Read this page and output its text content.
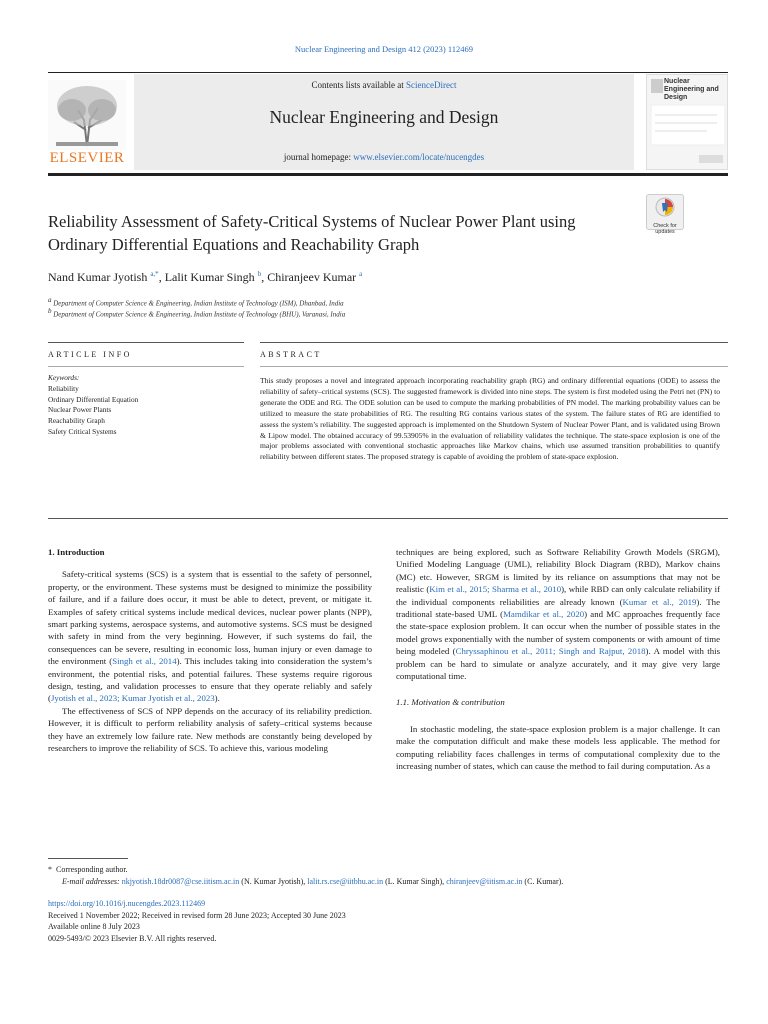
Nuclear Engineering and Design 412 (2023) 112469
ELSEVIER
Contents lists available at ScienceDirect
Nuclear Engineering and Design
journal homepage: www.elsevier.com/locate/nucengdes
Nuclear Engineering and Design
Reliability Assessment of Safety-Critical Systems of Nuclear Power Plant using Ordinary Differential Equations and Reachability Graph
Check for updates
Nand Kumar Jyotish $^{a,*}$, Lalit Kumar Singh $^b$, Chiranjeev Kumar $^a$
$^a$ Department of Computer Science & Engineering, Indian Institute of Technology (ISM), Dhanbad, India
$^b$ Department of Computer Science & Engineering, Indian Institute of Technology (BHU), Varanasi, India
ARTICLE INFO	ABSTRACT
Keywords:
Reliability
Ordinary Differential Equation
Nuclear Power Plants
Reachability Graph
Safety Critical Systems
This study proposes a novel and integrated approach incorporating reachability graph (RG) and ordinary differential equations (ODE) to assess the reliability of safety–critical systems (SCS). The suggested framework is divided into nine steps. The system is first modeled using the Petri net (PN) to generate the ODE and RG. The ODE solution can be used to compute the marking probabilities of PN model. The marking probability values can be utilized to measure the state probabilities of RG. The resulting RG contains various states of the system. The failure states of RG are identified to assess the system’s reliability. The suggested approach is implemented on the Shutdown System of Nuclear Power Plant, and is validated using Brown & Lipow model. The obtained accuracy of 99.53905% in the evaluation of reliability validates the technique. The state-space explosion is one of the major problems associated with conventional stochastic approaches like Markov chains, which use assumed transition probabilities to quantify reliability between different states. The proposed strategy is capable of avoiding the problem of state-space explosion.
1. Introduction

Safety-critical systems (SCS) is a system that is essential to the safety of personnel, property, or the environment. These systems must be designed to minimize the possibility of failure, and if a failure does occur, it must be able to detect, prevent, or mitigate it. Examples of safety critical systems include medical devices, nuclear power plants (NPP), smart parking systems, aerospace systems, and automotive systems. SCS must be designed with safety in mind from the very beginning. However, if such systems do fail, the consequences can be severe, resulting in economic loss, human injury or even damage to the environment (Singh et al., 2014). This includes taking into consideration the system’s environment, the potential risks, and potential failures. These systems require rigorous design, testing, and validation processes to ensure that they operate reliably and safely (Jyotish et al., 2023; Kumar Jyotish et al., 2023).

The effectiveness of SCS of NPP depends on the accuracy of its reliability prediction. However, it is difficult to perform reliability analysis of safety–critical systems because they have an extremely low failure rate. New methods are constantly being developed by researchers to improve the reliability of SCS. To achieve this, various modeling

techniques are being explored, such as Software Reliability Growth Models (SRGM), Unified Modeling Language (UML), reliability Block Diagram (RBD), Markov chains (MC) etc. However, SRGM is limited by its reliance on assumptions that may not be realistic (Kim et al., 2015; Sharma et al., 2010), while RBD can only calculate reliability if the individual components reliabilities are already known (Kumar et al., 2019). The traditional state-based UML (Mamdikar et al., 2020) and MC approaches frequently face the state-space explosion problem. It can occur when the number of possible states in the model grows exponentially with the number of system components or with amount of time being modeled (Chryssaphinou et al., 2011; Singh and Rajput, 2018). A model with this problem can be hard to simulate or analyze accurately, and it may give very large computational time.

1.1. Motivation & contribution

In stochastic modeling, the state-space explosion problem is a major challenge. It can make the computation difficult and make these models less applicable. The method for computing reliability faces challenges in terms of computational complexity due to the increasing number of states, which can cause the method to fail during computation. As a

*  Corresponding author.
E-mail addresses: nkjyotish.18dr0087@cse.iitism.ac.in (N. Kumar Jyotish), lalit.rs.cse@iitbhu.ac.in (L. Kumar Singh), chiranjeev@iitism.ac.in (C. Kumar).
https://doi.org/10.1016/j.nucengdes.2023.112469
Received 1 November 2022; Received in revised form 28 June 2023; Accepted 30 June 2023
Available online 8 July 2023
0029-5493/© 2023 Elsevier B.V. All rights reserved.
